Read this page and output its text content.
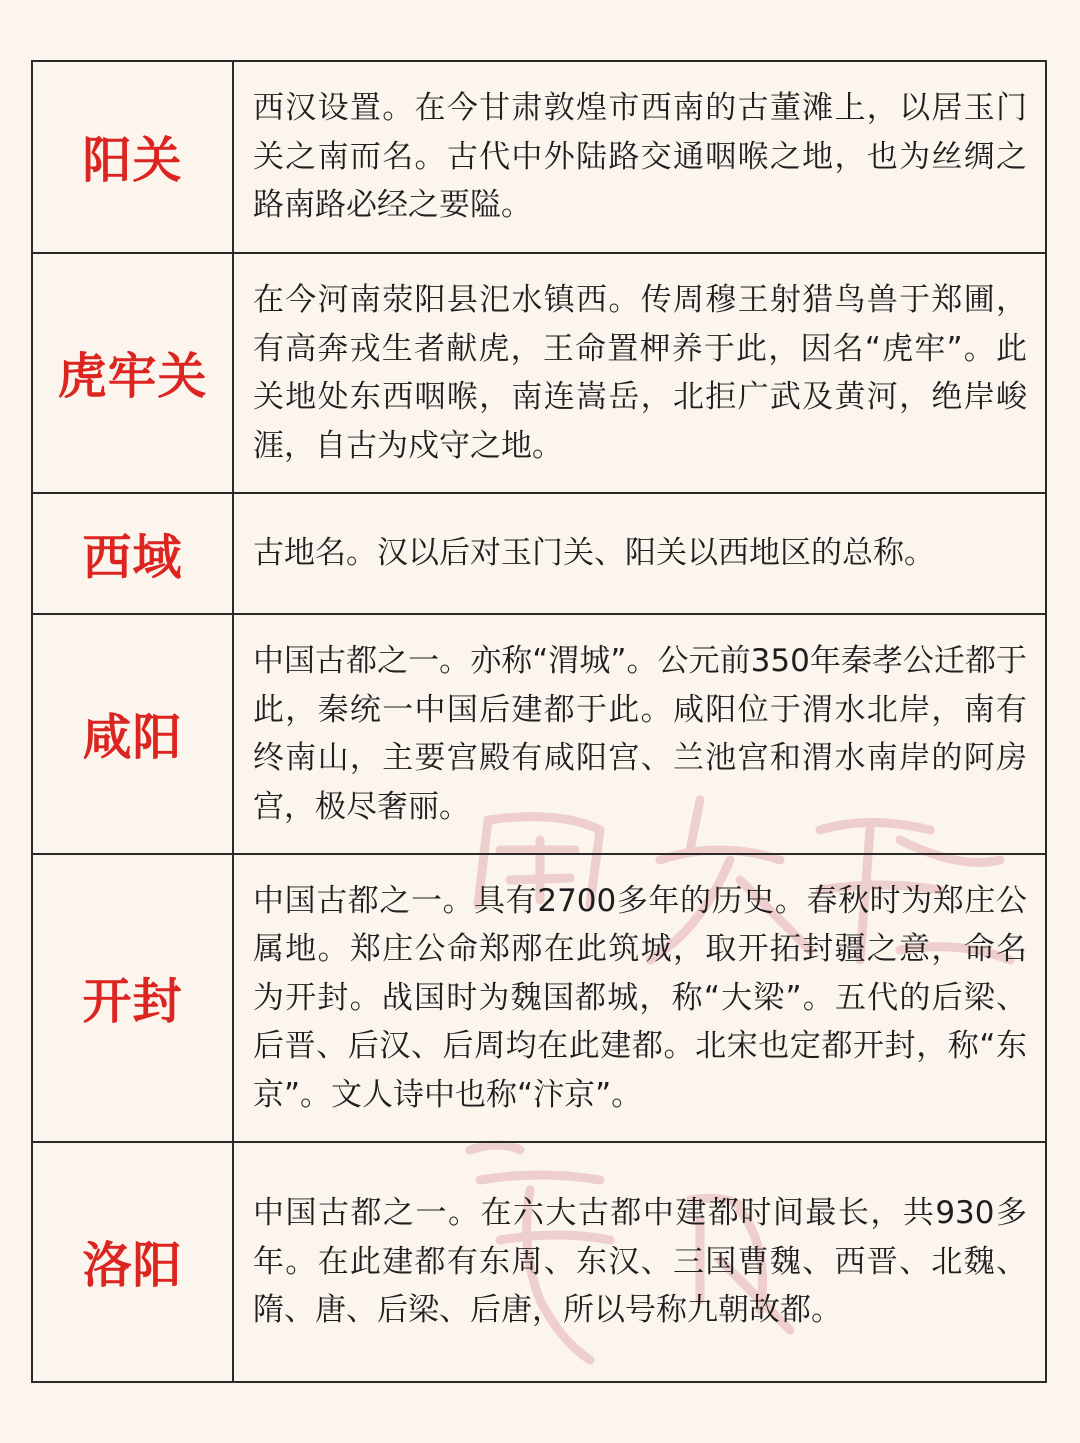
阳关	西汉设置。在今甘肃敦煌市西南的古董滩上，以居玉门关之南而名。古代中外陆路交通咽喉之地，也为丝绸之路南路必经之要隘。
虎牢关	在今河南荥阳县汜水镇西。传周穆王射猎鸟兽于郑圃，有高奔戎生者献虎，王命置柙养于此，因名“虎牢”。此关地处东西咽喉，南连嵩岳，北拒广武及黄河，绝岸峻涯，自古为戍守之地。
西域	古地名。汉以后对玉门关、阳关以西地区的总称。
咸阳	中国古都之一。亦称“渭城”。公元前350年秦孝公迁都于此，秦统一中国后建都于此。咸阳位于渭水北岸，南有终南山，主要宫殿有咸阳宫、兰池宫和渭水南岸的阿房宫，极尽奢丽。
开封	中国古都之一。具有2700多年的历史。春秋时为郑庄公属地。郑庄公命郑邴在此筑城，取开拓封疆之意，命名为开封。战国时为魏国都城，称“大梁”。五代的后梁、后晋、后汉、后周均在此建都。北宋也定都开封，称“东京”。文人诗中也称“汴京”。
洛阳	中国古都之一。在六大古都中建都时间最长，共930多年。在此建都有东周、东汉、三国曹魏、西晋、北魏、隋、唐、后梁、后唐，所以号称九朝故都。
